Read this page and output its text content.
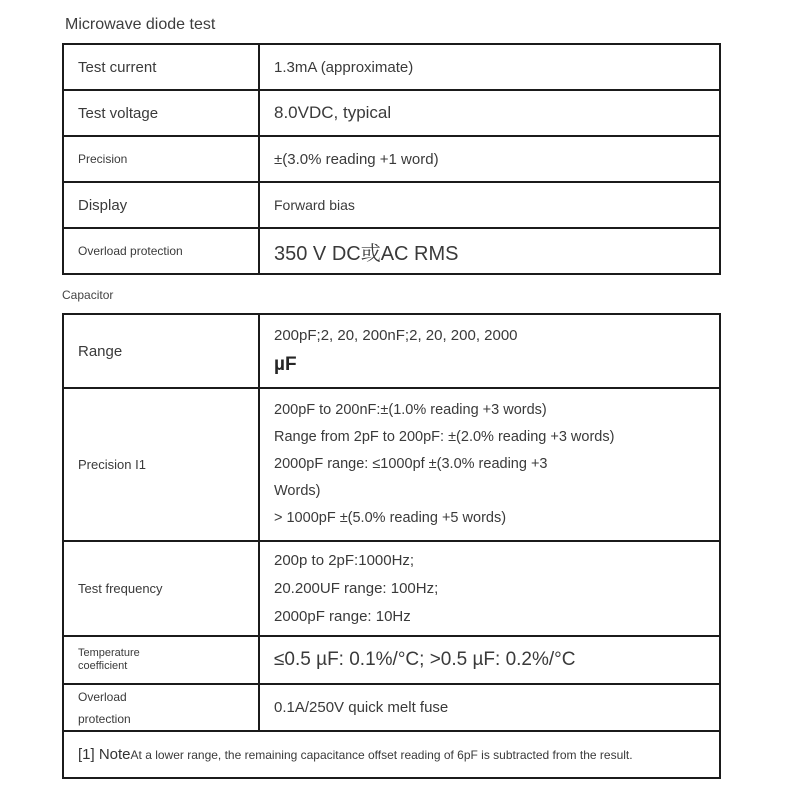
Microwave diode test
Test current	1.3mA (approximate)
Test voltage	8.0VDC, typical
Precision	±(3.0% reading +1 word)
Display	Forward bias
Overload protection	350 V DC或AC RMS
Capacitor
Range	200pF;2, 20, 200nF;2, 20, 200, 2000
µF

Precision I1	200pF to 200nF:±(1.0% reading +3 words)
Range from 2pF to 200pF: ±(2.0% reading +3 words)
2000pF range: ≤1000pf ±(3.0% reading +3
Words)
> 1000pF ±(5.0% reading +5 words)

Test frequency	200p to 2pF:1000Hz;
20.200UF range: 100Hz;
2000pF range: 10Hz

Temperature
coefficient	≤0.5 µF: 0.1%/°C; >0.5 µF: 0.2%/°C

Overload
protection	0.1A/250V quick melt fuse
[1] NoteAt a lower range, the remaining capacitance offset reading of 6pF is subtracted from the result.	
